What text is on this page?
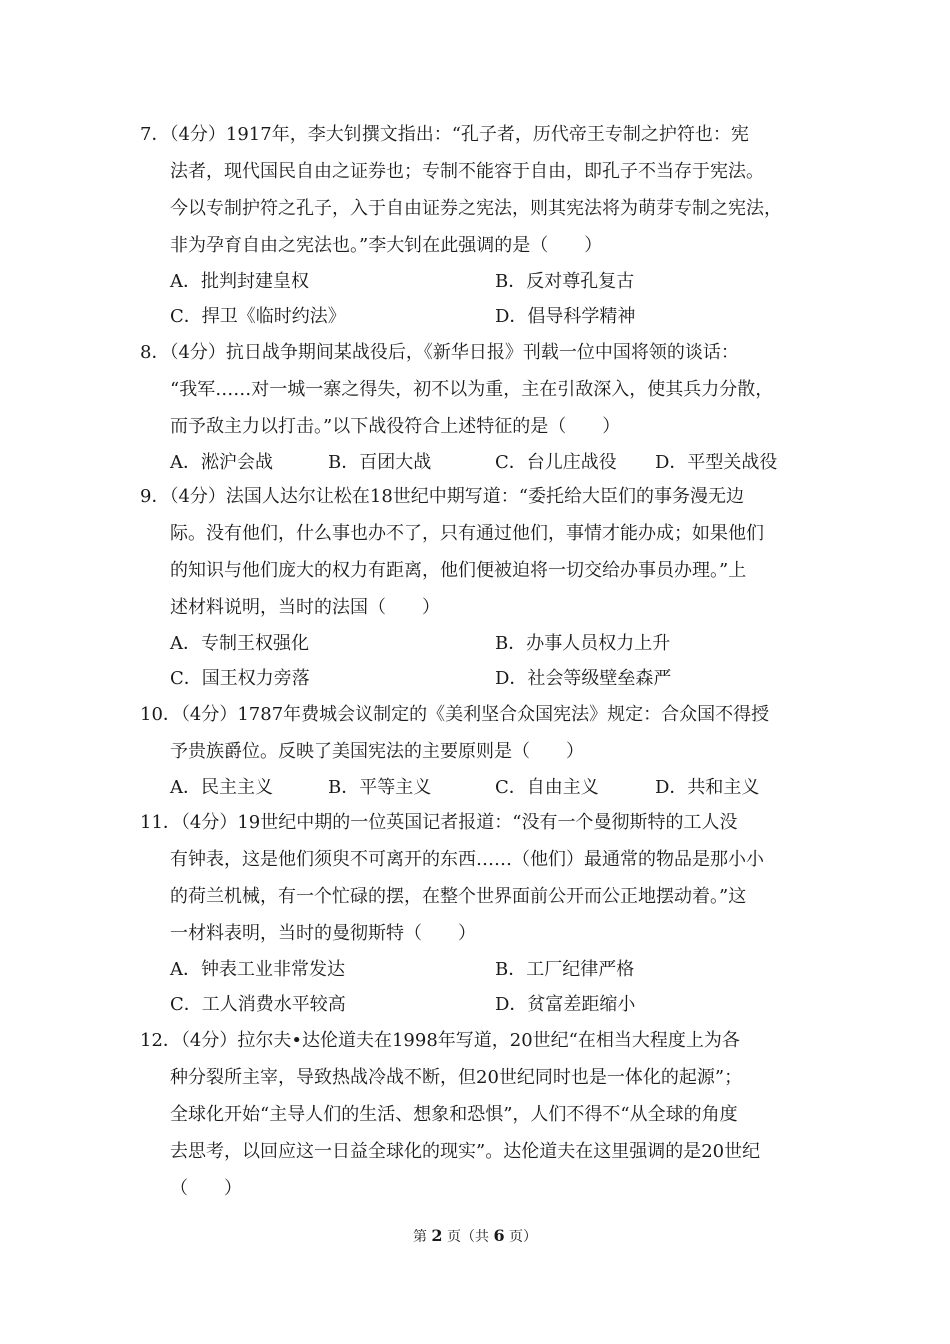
7．（4分）1917年，李大钊撰文指出：“孔子者，历代帝王专制之护符也：宪
法者，现代国民自由之证券也；专制不能容于自由，即孔子不当存于宪法。
今以专制护符之孔子，入于自由证券之宪法，则其宪法将为萌芽专制之宪法，
非为孕育自由之宪法也。”李大钊在此强调的是（　　）
A．批判封建皇权	B．反对尊孔复古
C．捍卫《临时约法》	D．倡导科学精神
8．（4分）抗日战争期间某战役后，《新华日报》刊载一位中国将领的谈话：
“我军……对一城一寨之得失，初不以为重，主在引敌深入，使其兵力分散，
而予敌主力以打击。”以下战役符合上述特征的是（　　）
A．淞沪会战	B．百团大战	C．台儿庄战役 D．平型关战役
9．（4分）法国人达尔让松在18世纪中期写道：“委托给大臣们的事务漫无边
际。没有他们，什么事也办不了，只有通过他们，事情才能办成；如果他们
的知识与他们庞大的权力有距离，他们便被迫将一切交给办事员办理。”上
述材料说明，当时的法国（　　）
A．专制王权强化	B．办事人员权力上升
C．国王权力旁落	D．社会等级壁垒森严
10．（4分）1787年费城会议制定的《美利坚合众国宪法》规定：合众国不得授
予贵族爵位。反映了美国宪法的主要原则是（　　）
A．民主主义	B．平等主义	C．自由主义	D．共和主义
11．（4分）19世纪中期的一位英国记者报道：“没有一个曼彻斯特的工人没
有钟表，这是他们须臾不可离开的东西……（他们）最通常的物品是那小小
的荷兰机械，有一个忙碌的摆，在整个世界面前公开而公正地摆动着。”这
一材料表明，当时的曼彻斯特（　　）
A．钟表工业非常发达	B．工厂纪律严格
C．工人消费水平较高	D．贫富差距缩小
12．（4分）拉尔夫•达伦道夫在1998年写道，20世纪“在相当大程度上为各
种分裂所主宰，导致热战冷战不断，但20世纪同时也是一体化的起源”；
全球化开始“主导人们的生活、想象和恐惧”，人们不得不“从全球的角度
去思考，以回应这一日益全球化的现实”。达伦道夫在这里强调的是20世纪
（　　）
第 2 页（共 6 页）
